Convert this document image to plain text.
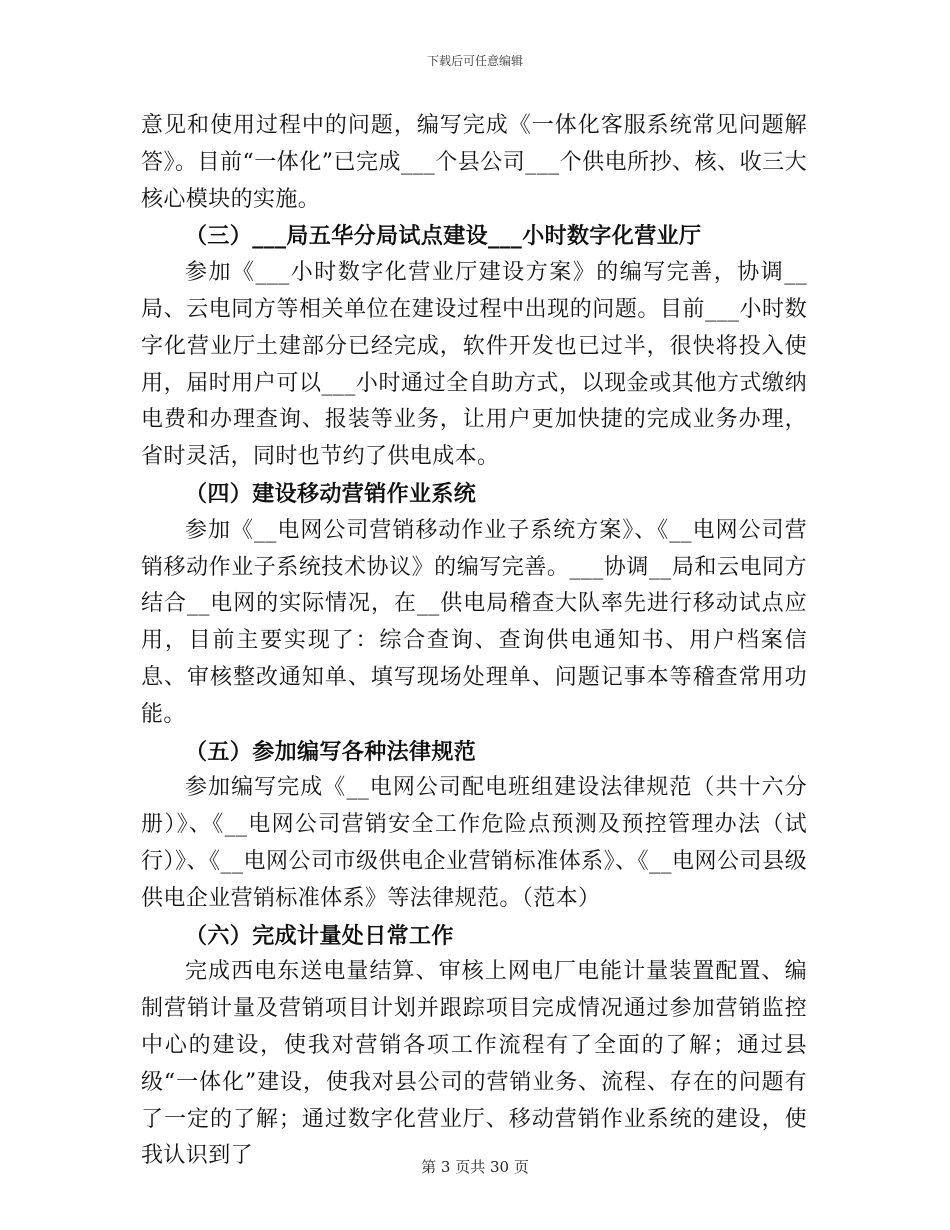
下载后可任意编辑

意见和使用过程中的问题，编写完成《一体化客服系统常见问题解答》。目前“一体化”已完成___个县公司___个供电所抄、核、收三大核心模块的实施。

（三）___局五华分局试点建设___小时数字化营业厅

参加《___小时数字化营业厅建设方案》的编写完善，协调__局、云电同方等相关单位在建设过程中出现的问题。目前___小时数字化营业厅土建部分已经完成，软件开发也已过半，很快将投入使用，届时用户可以___小时通过全自助方式，以现金或其他方式缴纳电费和办理查询、报装等业务，让用户更加快捷的完成业务办理，省时灵活，同时也节约了供电成本。

（四）建设移动营销作业系统

参加《__电网公司营销移动作业子系统方案》、《__电网公司营销移动作业子系统技术协议》的编写完善。___协调__局和云电同方结合__电网的实际情况，在__供电局稽查大队率先进行移动试点应用，目前主要实现了：综合查询、查询供电通知书、用户档案信息、审核整改通知单、填写现场处理单、问题记事本等稽查常用功能。

（五）参加编写各种法律规范

参加编写完成《__电网公司配电班组建设法律规范（共十六分册）》、《__电网公司营销安全工作危险点预测及预控管理办法（试行）》、《__电网公司市级供电企业营销标准体系》、《__电网公司县级供电企业营销标准体系》等法律规范。（范本）

（六）完成计量处日常工作

完成西电东送电量结算、审核上网电厂电能计量装置配置、编制营销计量及营销项目计划并跟踪项目完成情况通过参加营销监控中心的建设，使我对营销各项工作流程有了全面的了解；通过县级“一体化”建设，使我对县公司的营销业务、流程、存在的问题有了一定的了解；通过数字化营业厅、移动营销作业系统的建设，使我认识到了	第 3 页共 30 页
